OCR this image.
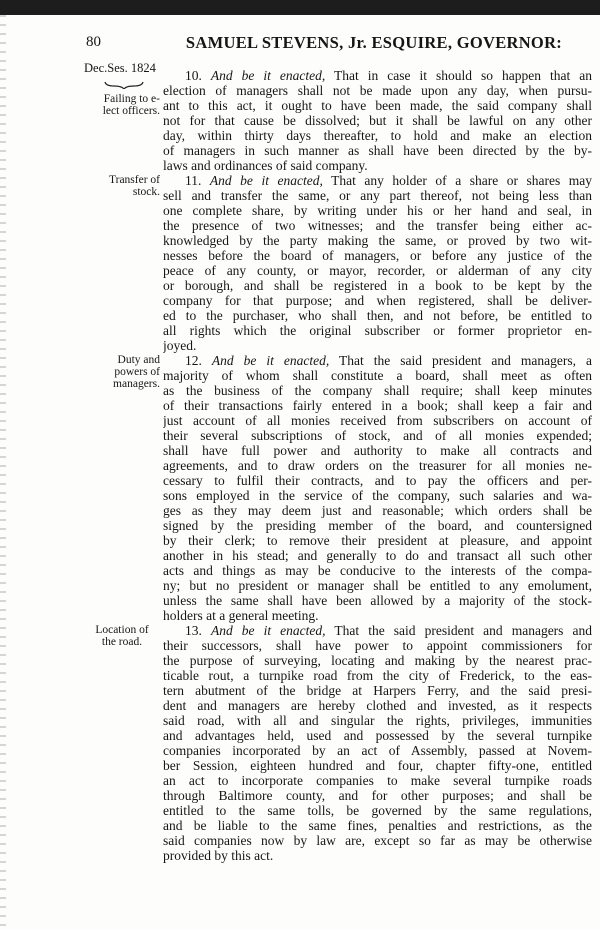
80	SAMUEL STEVENS, Jr. ESQUIRE, GOVERNOR:
Dec.Ses. 1824
Failing to e-
lect officers.
10. And be it enacted, That in case it should so happen that an
election of managers shall not be made upon any day, when pursu-
ant to this act, it ought to have been made, the said company shall
not for that cause be dissolved; but it shall be lawful on any other
day, within thirty days thereafter, to hold and make an election
of managers in such manner as shall have been directed by the by-
laws and ordinances of said company.
Transfer of
stock.
11. And be it enacted, That any holder of a share or shares may
sell and transfer the same, or any part thereof, not being less than
one complete share, by writing under his or her hand and seal, in
the presence of two witnesses; and the transfer being either ac-
knowledged by the party making the same, or proved by two wit-
nesses before the board of managers, or before any justice of the
peace of any county, or mayor, recorder, or alderman of any city
or borough, and shall be registered in a book to be kept by the
company for that purpose; and when registered, shall be deliver-
ed to the purchaser, who shall then, and not before, be entitled to
all rights which the original subscriber or former proprietor en-
joyed.
Duty and
powers of
managers.
12. And be it enacted, That the said president and managers, a
majority of whom shall constitute a board, shall meet as often
as the business of the company shall require; shall keep minutes
of their transactions fairly entered in a book; shall keep a fair and
just account of all monies received from subscribers on account of
their several subscriptions of stock, and of all monies expended;
shall have full power and authority to make all contracts and
agreements, and to draw orders on the treasurer for all monies ne-
cessary to fulfil their contracts, and to pay the officers and per-
sons employed in the service of the company, such salaries and wa-
ges as they may deem just and reasonable; which orders shall be
signed by the presiding member of the board, and countersigned
by their clerk; to remove their president at pleasure, and appoint
another in his stead; and generally to do and transact all such other
acts and things as may be conducive to the interests of the compa-
ny; but no president or manager shall be entitled to any emolument,
unless the same shall have been allowed by a majority of the stock-
holders at a general meeting.
Location of
the road.
13. And be it enacted, That the said president and managers and
their successors, shall have power to appoint commissioners for
the purpose of surveying, locating and making by the nearest prac-
ticable rout, a turnpike road from the city of Frederick, to the eas-
tern abutment of the bridge at Harpers Ferry, and the said presi-
dent and managers are hereby clothed and invested, as it respects
said road, with all and singular the rights, privileges, immunities
and advantages held, used and possessed by the several turnpike
companies incorporated by an act of Assembly, passed at Novem-
ber Session, eighteen hundred and four, chapter fifty-one, entitled
an act to incorporate companies to make several turnpike roads
through Baltimore county, and for other purposes; and shall be
entitled to the same tolls, be governed by the same regulations,
and be liable to the same fines, penalties and restrictions, as the
said companies now by law are, except so far as may be otherwise
provided by this act.
